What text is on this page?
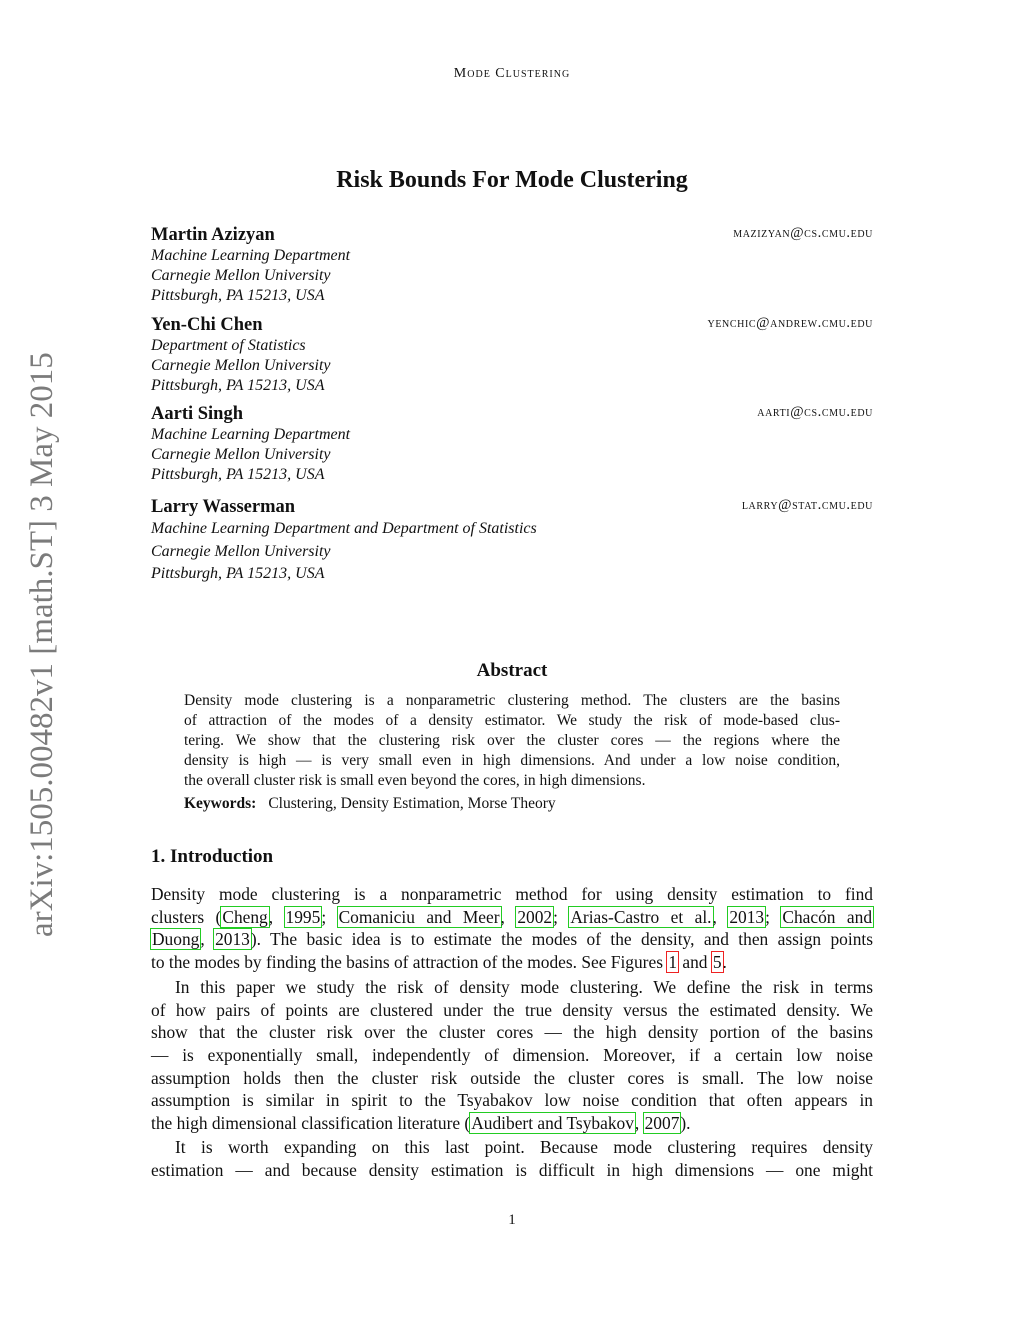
Mode Clustering
arXiv:1505.00482v1 [math.ST] 3 May 2015
Risk Bounds For Mode Clustering
Martin Azizyan	mazizyan@cs.cmu.edu
Machine Learning Department
Carnegie Mellon University
Pittsburgh, PA 15213, USA
Yen-Chi Chen	yenchic@andrew.cmu.edu
Department of Statistics
Carnegie Mellon University
Pittsburgh, PA 15213, USA
Aarti Singh	aarti@cs.cmu.edu
Machine Learning Department
Carnegie Mellon University
Pittsburgh, PA 15213, USA
Larry Wasserman	larry@stat.cmu.edu
Machine Learning Department and Department of Statistics
Carnegie Mellon University
Pittsburgh, PA 15213, USA
Abstract
Density mode clustering is a nonparametric clustering method. The clusters are the basins
of attraction of the modes of a density estimator. We study the risk of mode-based clus-
tering. We show that the clustering risk over the cluster cores — the regions where the
density is high — is very small even in high dimensions. And under a low noise condition,
the overall cluster risk is small even beyond the cores, in high dimensions.
Keywords: Clustering, Density Estimation, Morse Theory
1. Introduction
Density mode clustering is a nonparametric method for using density estimation to find
clusters (Cheng, 1995; Comaniciu and Meer, 2002; Arias-Castro et al., 2013; Chacón and
Duong, 2013). The basic idea is to estimate the modes of the density, and then assign points
to the modes by finding the basins of attraction of the modes. See Figures 1 and 5.
In this paper we study the risk of density mode clustering. We define the risk in terms
of how pairs of points are clustered under the true density versus the estimated density. We
show that the cluster risk over the cluster cores — the high density portion of the basins
— is exponentially small, independently of dimension. Moreover, if a certain low noise
assumption holds then the cluster risk outside the cluster cores is small. The low noise
assumption is similar in spirit to the Tsyabakov low noise condition that often appears in
the high dimensional classification literature (Audibert and Tsybakov, 2007).
It is worth expanding on this last point. Because mode clustering requires density
estimation — and because density estimation is difficult in high dimensions — one might
1
